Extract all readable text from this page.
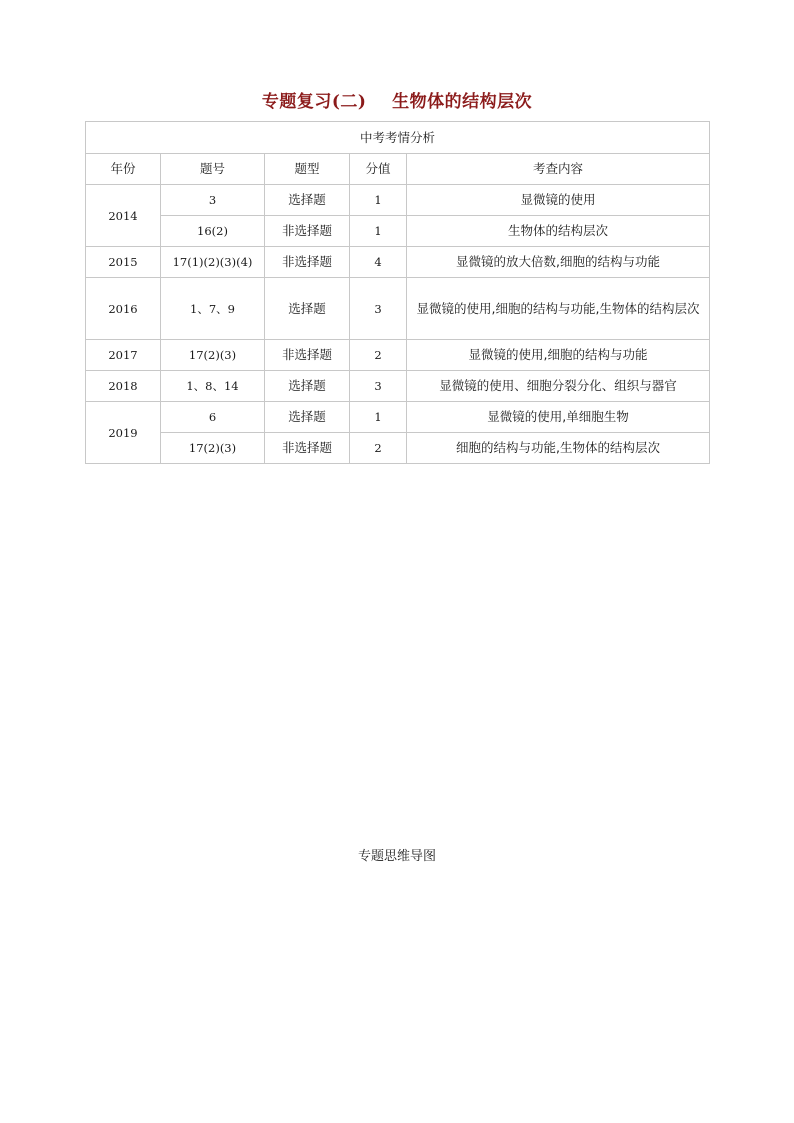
专题复习(二)    生物体的结构层次
中考考情分析				
年份	题号	题型	分值	考查内容
2014	3	选择题	1	显微镜的使用
	16(2)	非选择题	1	生物体的结构层次
2015	17(1)(2)(3)(4)	非选择题	4	显微镜的放大倍数,细胞的结构与功能
2016	1、7、9	选择题	3	显微镜的使用,细胞的结构与功能,生物体的结构层次
2017	17(2)(3)	非选择题	2	显微镜的使用,细胞的结构与功能
2018	1、8、14	选择题	3	显微镜的使用、细胞分裂分化、组织与器官
2019	6	选择题	1	显微镜的使用,单细胞生物
	17(2)(3)	非选择题	2	细胞的结构与功能,生物体的结构层次
专题思维导图
